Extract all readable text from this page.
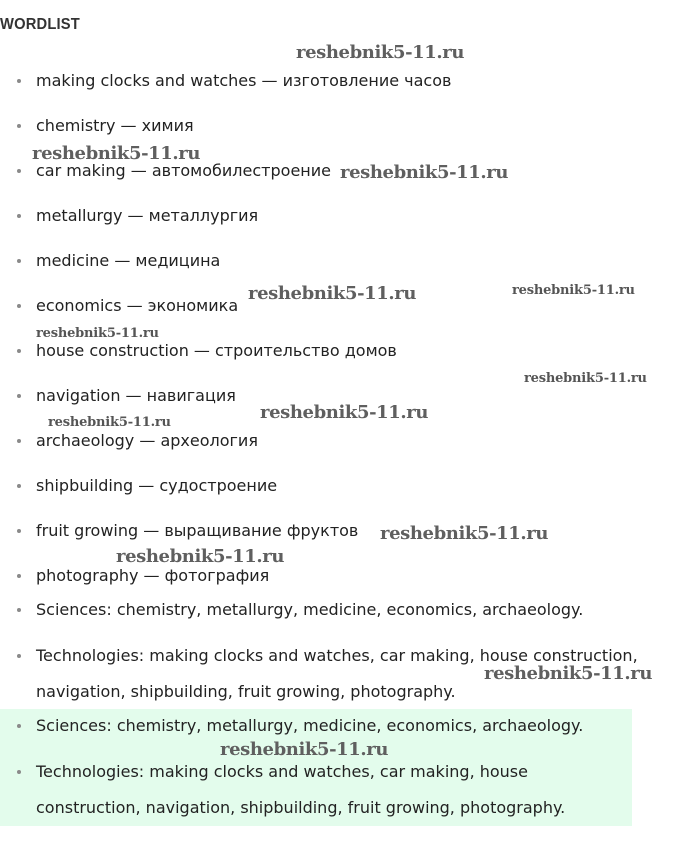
WORDLIST
making clocks and watches — изготовление часов
chemistry — химия
car making — автомобилестроение
metallurgy — металлургия
medicine — медицина
economics — экономика
house construction — строительство домов
navigation — навигация
archaeology — археология
shipbuilding — судостроение
fruit growing — выращивание фруктов
photography — фотография
Sciences: chemistry, metallurgy, medicine, economics, archaeology.
Technologies: making clocks and watches, car making, house construction, navigation, shipbuilding, fruit growing, photography.
Sciences: chemistry, metallurgy, medicine, economics, archaeology.
Technologies: making clocks and watches, car making, house construction, navigation, shipbuilding, fruit growing, photography.
reshebnik5-11.ru
reshebnik5-11.ru
reshebnik5-11.ru
reshebnik5-11.ru	reshebnik5-11.ru
reshebnik5-11.ru
reshebnik5-11.ru
reshebnik5-11.ru
reshebnik5-11.ru
reshebnik5-11.ru
reshebnik5-11.ru
reshebnik5-11.ru
reshebnik5-11.ru
